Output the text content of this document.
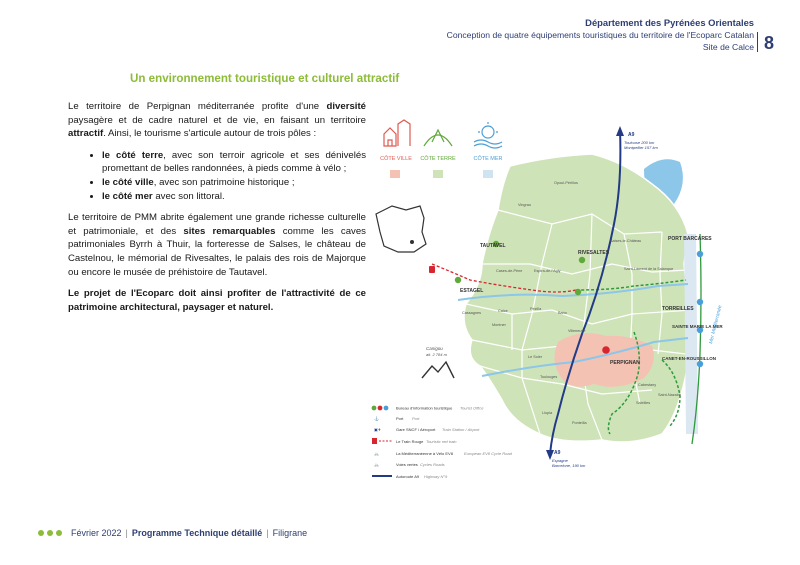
Département des Pyrénées Orientales
Conception de quatre équipements touristiques du territoire de l'Ecoparc Catalan
Site de Calce 8
Un environnement touristique et culturel attractif

Le territoire de Perpignan méditerranée profite d'une diversité paysagère et de cadre naturel et de vie, en faisant un territoire attractif. Ainsi, le tourisme s'articule autour de trois pôles :

• le côté terre, avec son terroir agricole et ses dénivelés promettant de belles randonnées, à pieds comme à vélo ;
• le côté ville, avec son patrimoine historique ;
• le côté mer avec son littoral.

Le territoire de PMM abrite également une grande richesse culturelle et patrimoniale, et des sites remarquables comme les caves patrimoniales Byrrh à Thuir, la forteresse de Salses, le château de Castelnou, le mémorial de Rivesaltes, le palais des rois de Majorque ou encore le musée de préhistoire de Tautavel.

Le projet de l'Ecoparc doit ainsi profiter de l'attractivité de ce patrimoine architectural, paysager et naturel.

CÔTE VILLE CÔTE TERRE	CÔTE MER
A9
Toulouse 200 km
Montpellier 157 km
A9
Espagne
Barcelone, 190 km
TAUTAVEL
RIVESALTES
ESTAGEL
PERPIGNAN
PORT BARCARES
TORREILLES
SAINTE MARIE LA MER
CANET-EN-ROUSSILLON
Opoul-Périllos
Vingrau
Salses-le-Château
Saint-Laurent de la Salanque
Cases-de-Pène	Espira-de-l'Agly
Baho
Calce	Pézilla
Villeneuve
Le Soler
Toulouges
Cabestany
Saleilles
Saint-Nazaire
Cassagnes
Montner
Llupia
Ponteilla
Mer Méditerranée
Canigou
alt. 2 784 m
Bureau d'information touristique Tourist Office
⚓	Port Port
▣✈	Gare SNCF / Aéroport Train Station / Airport
Le Train Rouge Touristic red train
🚲	La Méditerranéenne à Vélo EV8	European EV8 Cycle Road
🚲	Voies vertes Cycles Roads
Autoroute A9 Highway N°9
Février 2022 | Programme Technique détaillé | Filigrane
